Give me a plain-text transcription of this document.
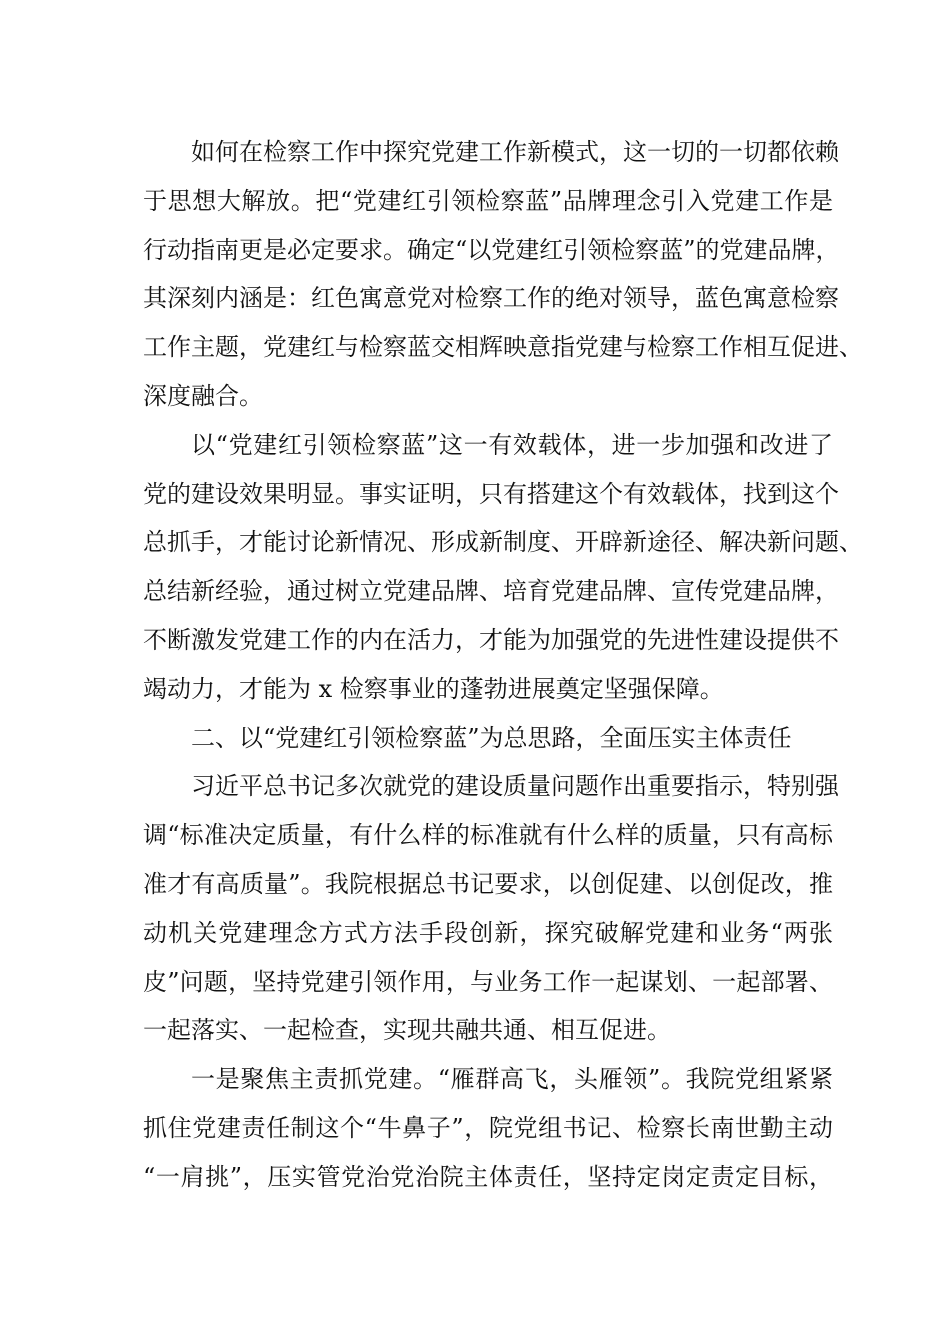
如何在检察工作中探究党建工作新模式，这一切的一切都依赖
于思想大解放。把“党建红引领检察蓝”品牌理念引入党建工作是
行动指南更是必定要求。确定“以党建红引领检察蓝”的党建品牌，
其深刻内涵是：红色寓意党对检察工作的绝对领导，蓝色寓意检察
工作主题，党建红与检察蓝交相辉映意指党建与检察工作相互促进、
深度融合。
以“党建红引领检察蓝”这一有效载体，进一步加强和改进了
党的建设效果明显。事实证明，只有搭建这个有效载体，找到这个
总抓手，才能讨论新情况、形成新制度、开辟新途径、解决新问题、
总结新经验，通过树立党建品牌、培育党建品牌、宣传党建品牌，
不断激发党建工作的内在活力，才能为加强党的先进性建设提供不
竭动力，才能为 x 检察事业的蓬勃进展奠定坚强保障。
二、以“党建红引领检察蓝”为总思路，全面压实主体责任
习近平总书记多次就党的建设质量问题作出重要指示，特别强
调“标准决定质量，有什么样的标准就有什么样的质量，只有高标
准才有高质量”。我院根据总书记要求，以创促建、以创促改，推
动机关党建理念方式方法手段创新，探究破解党建和业务“两张
皮”问题，坚持党建引领作用，与业务工作一起谋划、一起部署、
一起落实、一起检查，实现共融共通、相互促进。
一是聚焦主责抓党建。“雁群高飞，头雁领”。我院党组紧紧
抓住党建责任制这个“牛鼻子”，院党组书记、检察长南世勤主动
“一肩挑”，压实管党治党治院主体责任，坚持定岗定责定目标，
